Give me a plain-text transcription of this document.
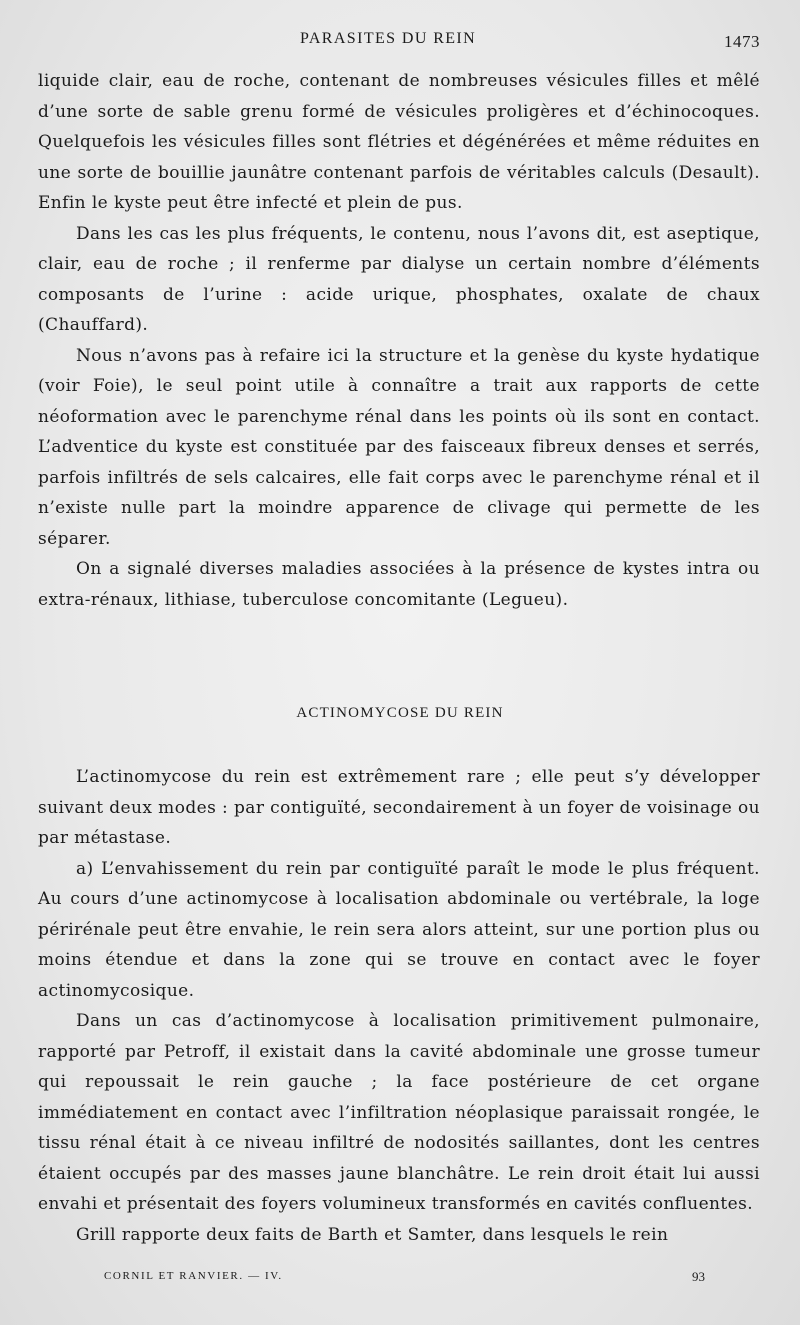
PARASITES DU REIN	1473

liquide clair, eau de roche, contenant de nombreuses vésicules filles et mêlé d’une sorte de sable grenu formé de vésicules proligères et d’échinocoques. Quelquefois les vésicules filles sont flétries et dégénérées et même réduites en une sorte de bouillie jaunâtre contenant parfois de véritables calculs (Desault). Enfin le kyste peut être infecté et plein de pus.

Dans les cas les plus fréquents, le contenu, nous l’avons dit, est aseptique, clair, eau de roche ; il renferme par dialyse un certain nombre d’éléments composants de l’urine : acide urique, phosphates, oxalate de chaux (Chauffard).

Nous n’avons pas à refaire ici la structure et la genèse du kyste hydatique (voir Foie), le seul point utile à connaître a trait aux rapports de cette néoformation avec le parenchyme rénal dans les points où ils sont en contact. L’adventice du kyste est constituée par des faisceaux fibreux denses et serrés, parfois infiltrés de sels calcaires, elle fait corps avec le parenchyme rénal et il n’existe nulle part la moindre apparence de clivage qui permette de les séparer.

On a signalé diverses maladies associées à la présence de kystes intra ou extra-rénaux, lithiase, tuberculose concomitante (Legueu).

ACTINOMYCOSE DU REIN

L’actinomycose du rein est extrêmement rare ; elle peut s’y développer suivant deux modes : par contiguïté, secondairement à un foyer de voisinage ou par métastase.

a) L’envahissement du rein par contiguïté paraît le mode le plus fréquent. Au cours d’une actinomycose à localisation abdominale ou vertébrale, la loge périrénale peut être envahie, le rein sera alors atteint, sur une portion plus ou moins étendue et dans la zone qui se trouve en contact avec le foyer actinomycosique.

Dans un cas d’actinomycose à localisation primitivement pulmonaire, rapporté par Petroff, il existait dans la cavité abdominale une grosse tumeur qui repoussait le rein gauche ; la face postérieure de cet organe immédiatement en contact avec l’infiltration néoplasique paraissait rongée, le tissu rénal était à ce niveau infiltré de nodosités saillantes, dont les centres étaient occupés par des masses jaune blanchâtre. Le rein droit était lui aussi envahi et présentait des foyers volumineux transformés en cavités confluentes.

Grill rapporte deux faits de Barth et Samter, dans lesquels le rein

CORNIL ET RANVIER. — IV.	93
